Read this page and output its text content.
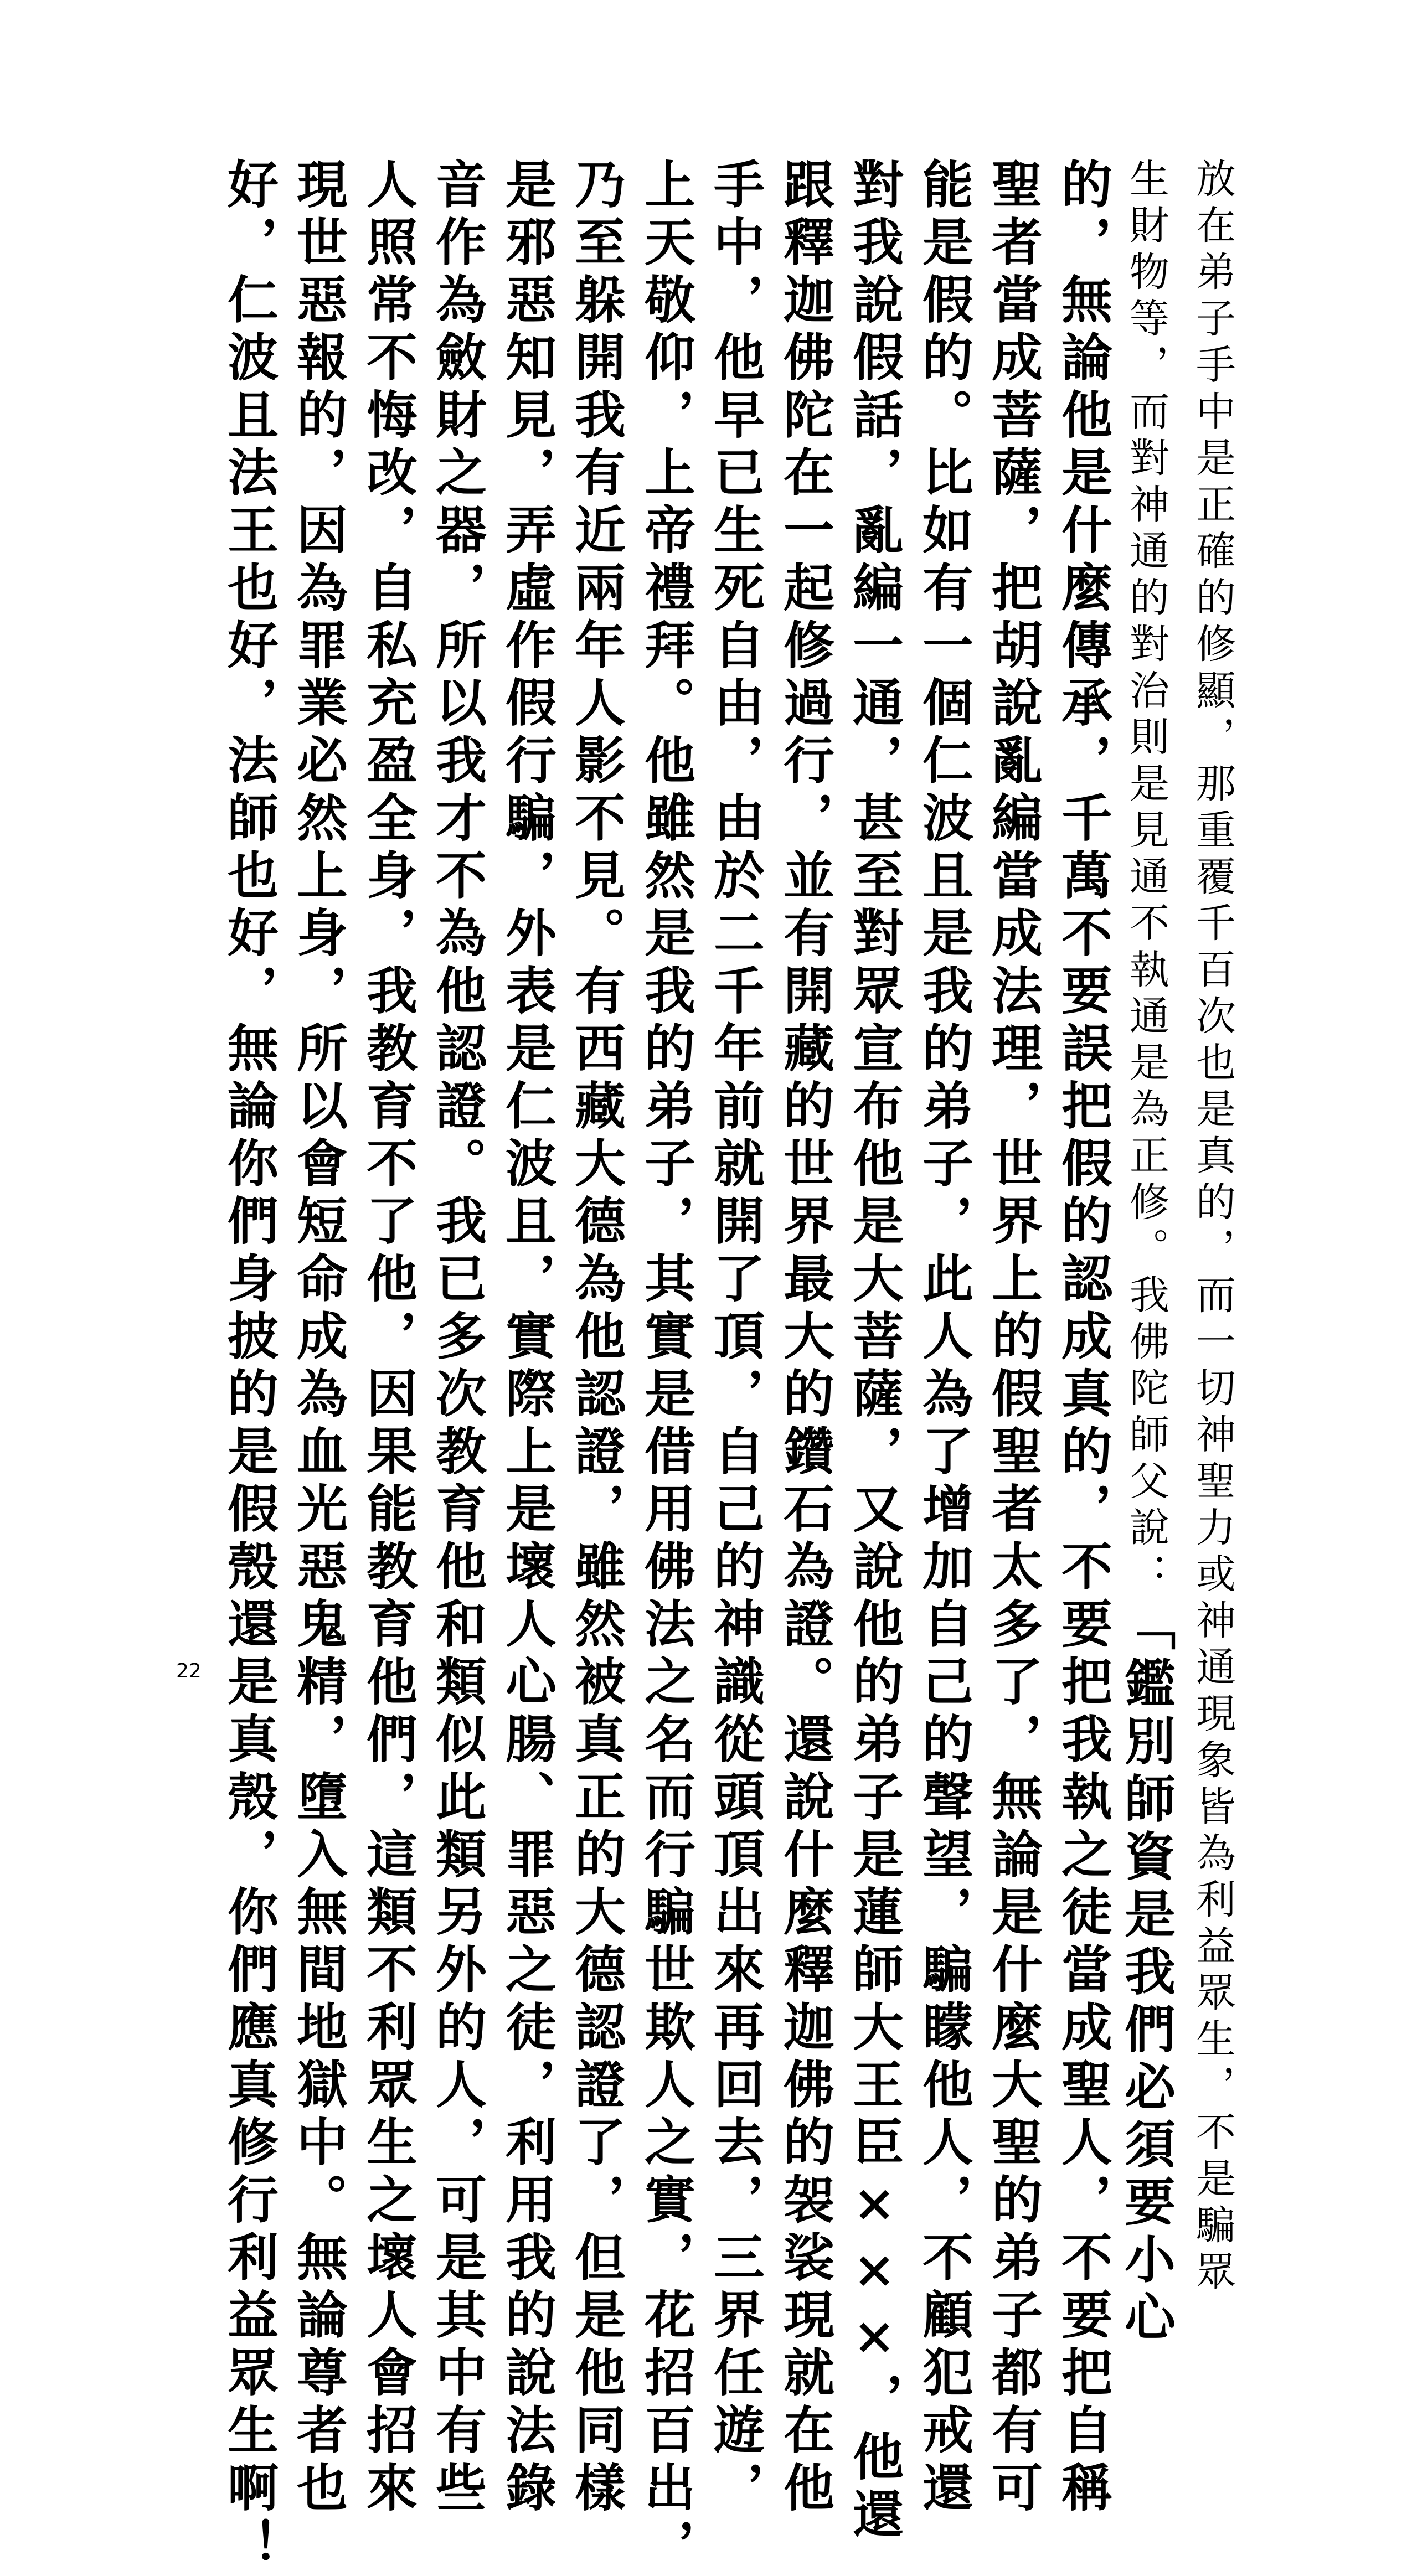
放在弟子手中是正確的修顯，那重覆千百次也是真的，而一切神聖力或神通現象皆為利益眾生，不是騙眾
生財物等，而對神通的對治則是見通不執通是為正修。我佛陀師父說：「鑑別師資是我們必須要小心
的，無論他是什麼傳承，千萬不要誤把假的認成真的，不要把我執之徒當成聖人，不要把自稱
聖者當成菩薩，把胡說亂編當成法理，世界上的假聖者太多了，無論是什麼大聖的弟子都有可
能是假的。比如有一個仁波且是我的弟子，此人為了增加自己的聲望，騙矇他人，不顧犯戒還
對我說假話，亂編一通，甚至對眾宣布他是大菩薩，又說他的弟子是蓮師大王臣×××，他還
跟釋迦佛陀在一起修過行，並有開藏的世界最大的鑽石為證。還說什麼釋迦佛的袈裟現就在他
手中，他早已生死自由，由於二千年前就開了頂，自己的神識從頭頂出來再回去，三界任遊，
上天敬仰，上帝禮拜。他雖然是我的弟子，其實是借用佛法之名而行騙世欺人之實，花招百出，
乃至躲開我有近兩年人影不見。有西藏大德為他認證，雖然被真正的大德認證了，但是他同樣
是邪惡知見，弄虛作假行騙，外表是仁波且，實際上是壞人心腸、罪惡之徒，利用我的說法錄
音作為斂財之器，所以我才不為他認證。我已多次教育他和類似此類另外的人，可是其中有些
人照常不悔改，自私充盈全身，我教育不了他，因果能教育他們，這類不利眾生之壞人會招來
現世惡報的，因為罪業必然上身，所以會短命成為血光惡鬼精，墮入無間地獄中。無論尊者也
好，仁波且法王也好，法師也好，無論你們身披的是假殼還是真殼，你們應真修行利益眾生啊！
22
